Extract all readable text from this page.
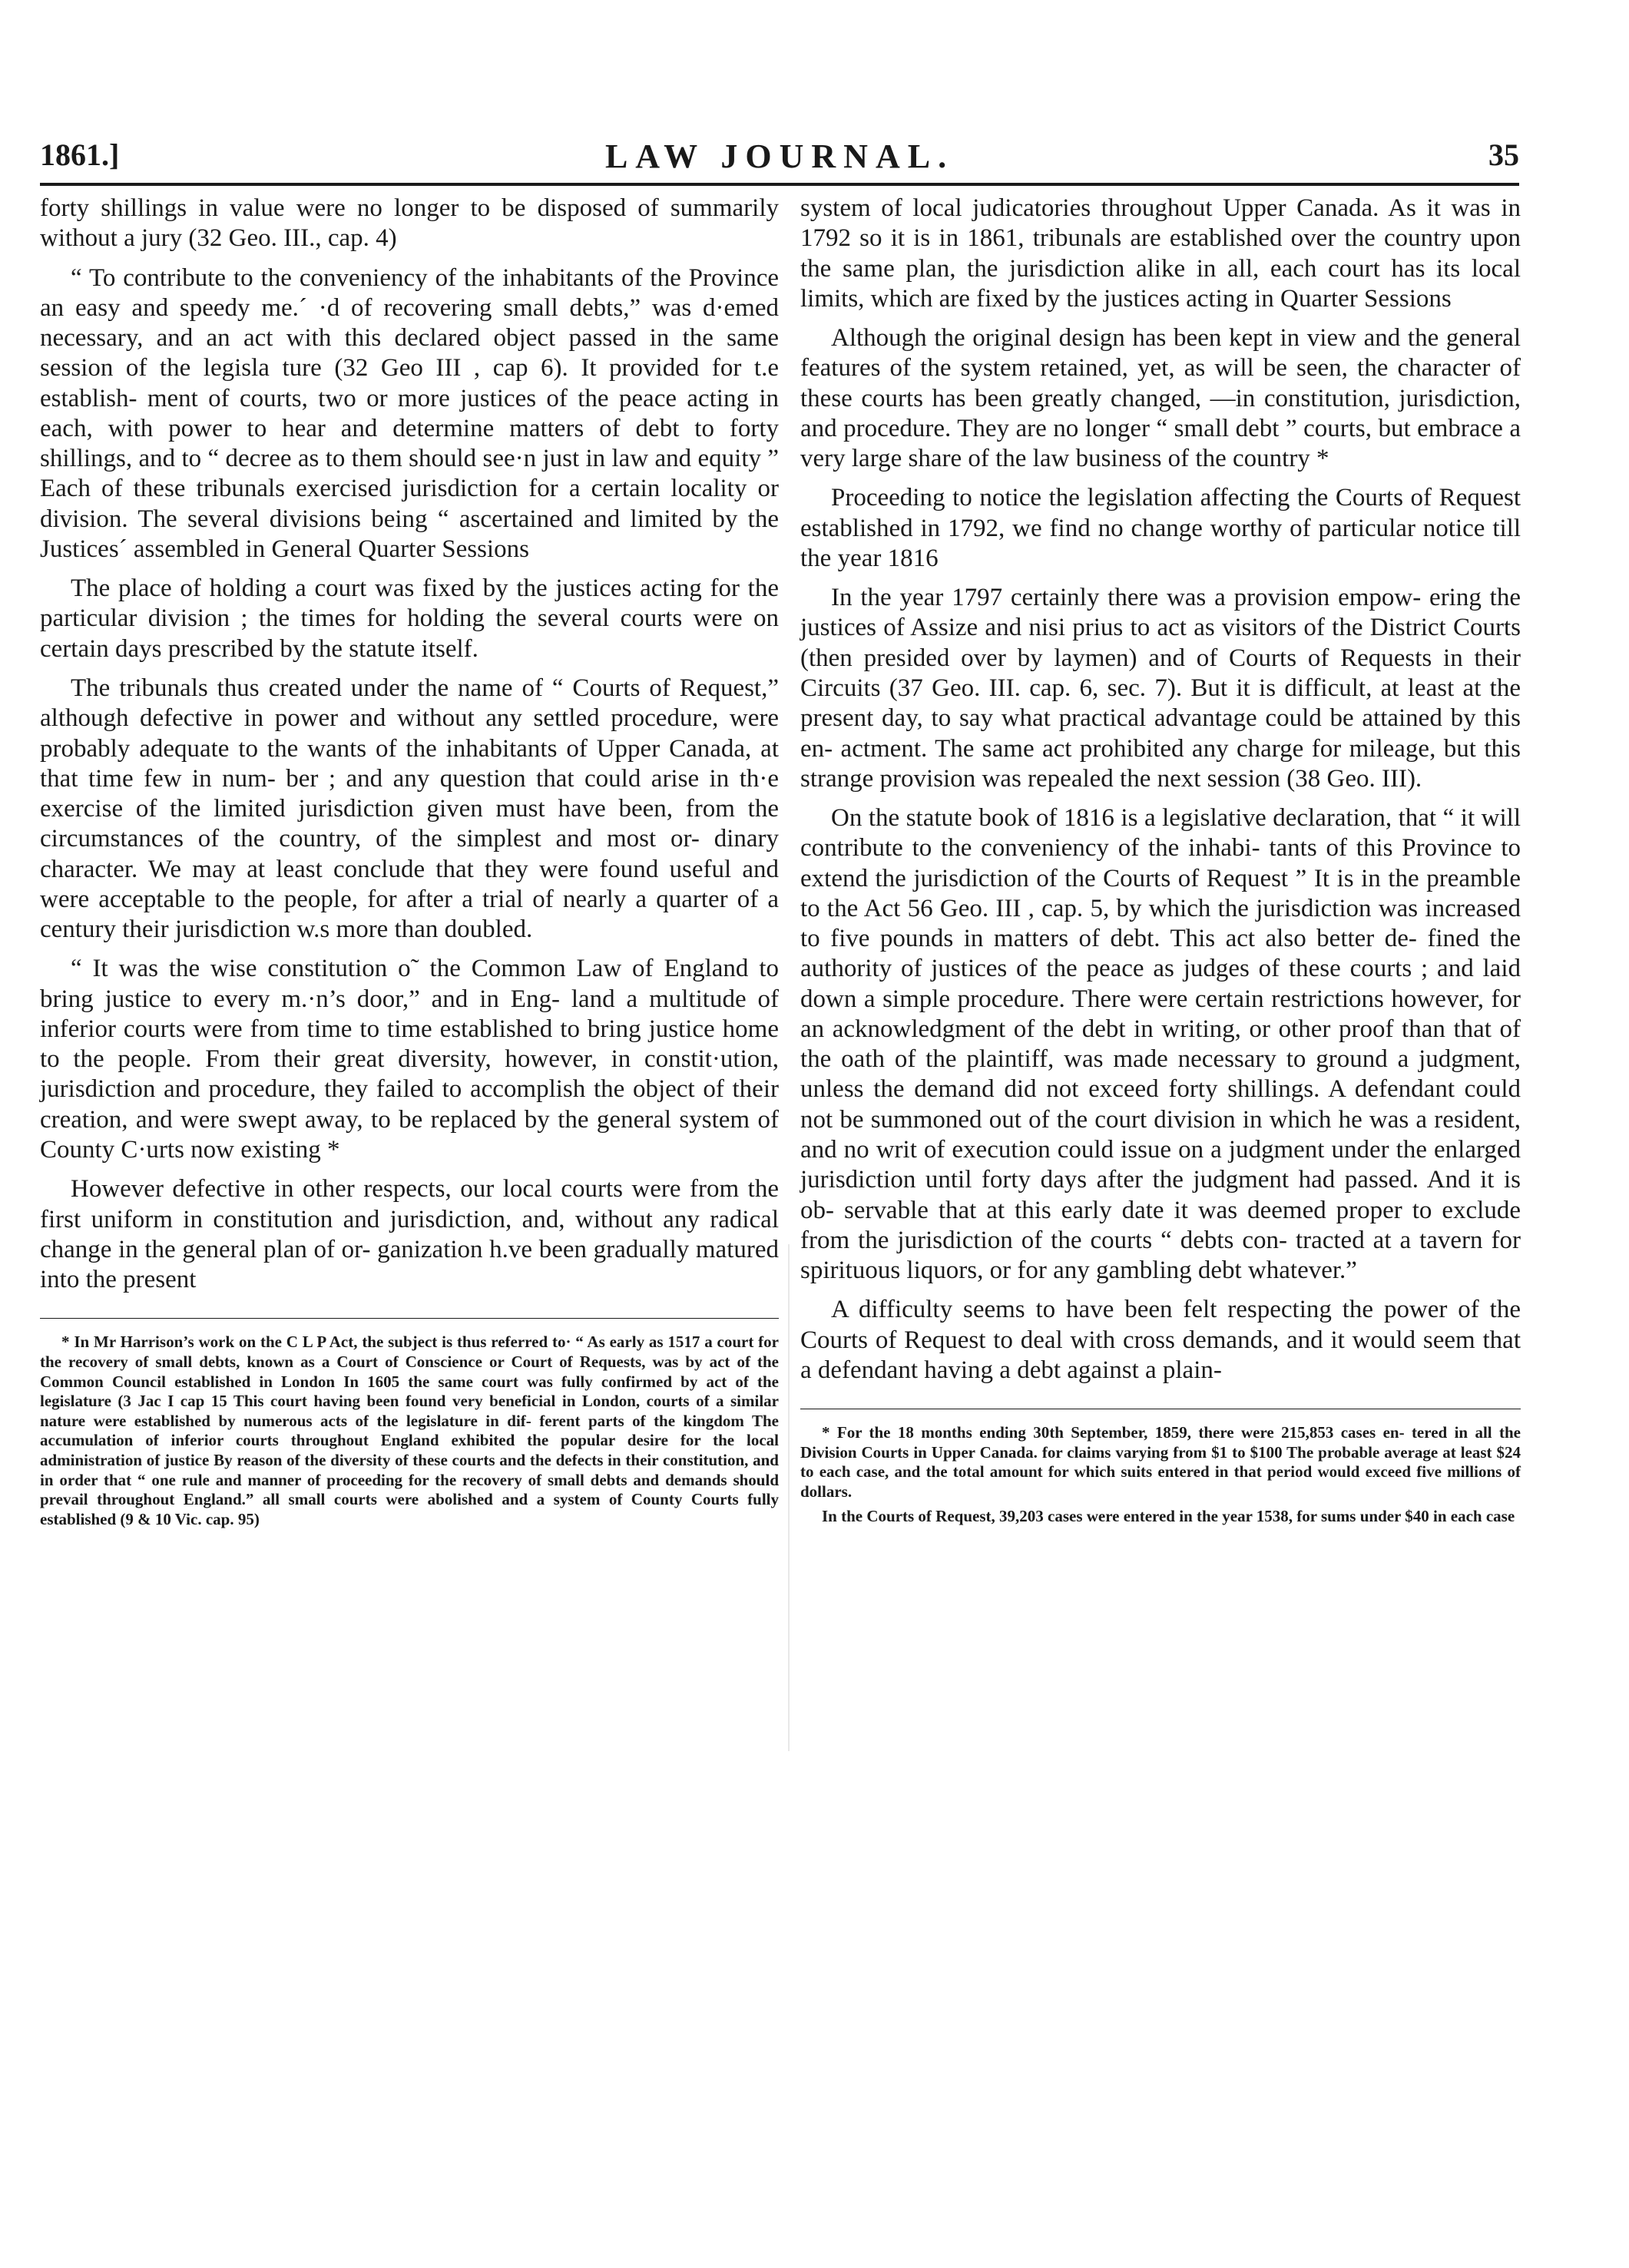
1861.]	LAW JOURNAL.	35

forty shillings in value were no longer to be disposed of summarily without a jury (32 Geo. III., cap. 4)

“ To contribute to the conveniency of the inhabitants of the Province an easy and speedy me.´ ·d of recovering small debts,” was d·emed necessary, and an act with this declared object passed in the same session of the legisla ture (32 Geo III , cap 6). It provided for t.e establish- ment of courts, two or more justices of the peace acting in each, with power to hear and determine matters of debt to forty shillings, and to “ decree as to them should see·n just in law and equity ” Each of these tribunals exercised jurisdiction for a certain locality or division. The several divisions being “ ascertained and limited by the Justices´ assembled in General Quarter Sessions

The place of holding a court was fixed by the justices acting for the particular division ; the times for holding the several courts were on certain days prescribed by the statute itself.

The tribunals thus created under the name of “ Courts of Request,” although defective in power and without any settled procedure, were probably adequate to the wants of the inhabitants of Upper Canada, at that time few in num- ber ; and any question that could arise in th·e exercise of the limited jurisdiction given must have been, from the circumstances of the country, of the simplest and most or- dinary character. We may at least conclude that they were found useful and were acceptable to the people, for after a trial of nearly a quarter of a century their jurisdiction w.s more than doubled.

“ It was the wise constitution o˜ the Common Law of England to bring justice to every m.·n’s door,” and in Eng- land a multitude of inferior courts were from time to time established to bring justice home to the people. From their great diversity, however, in constit·ution, jurisdiction and procedure, they failed to accomplish the object of their creation, and were swept away, to be replaced by the general system of County C·urts now existing *

However defective in other respects, our local courts were from the first uniform in constitution and jurisdiction, and, without any radical change in the general plan of or- ganization h.ve been gradually matured into the present

* In Mr Harrison’s work on the C L P Act, the subject is thus referred to· “ As early as 1517 a court for the recovery of small debts, known as a Court of Conscience or Court of Requests, was by act of the Common Council established in London In 1605 the same court was fully confirmed by act of the legislature (3 Jac I cap 15 This court having been found very beneficial in London, courts of a similar nature were established by numerous acts of the legislature in dif- ferent parts of the kingdom The accumulation of inferior courts throughout England exhibited the popular desire for the local administration of justice By reason of the diversity of these courts and the defects in their constitution, and in order that “ one rule and manner of proceeding for the recovery of small debts and demands should prevail throughout England.” all small courts were abolished and a system of County Courts fully established (9 & 10 Vic. cap. 95)

system of local judicatories throughout Upper Canada. As it was in 1792 so it is in 1861, tribunals are established over the country upon the same plan, the jurisdiction alike in all, each court has its local limits, which are fixed by the justices acting in Quarter Sessions

Although the original design has been kept in view and the general features of the system retained, yet, as will be seen, the character of these courts has been greatly changed, —in constitution, jurisdiction, and procedure. They are no longer “ small debt ” courts, but embrace a very large share of the law business of the country *

Proceeding to notice the legislation affecting the Courts of Request established in 1792, we find no change worthy of particular notice till the year 1816

In the year 1797 certainly there was a provision empow- ering the justices of Assize and nisi prius to act as visitors of the District Courts (then presided over by laymen) and of Courts of Requests in their Circuits (37 Geo. III. cap. 6, sec. 7). But it is difficult, at least at the present day, to say what practical advantage could be attained by this en- actment. The same act prohibited any charge for mileage, but this strange provision was repealed the next session (38 Geo. III).

On the statute book of 1816 is a legislative declaration, that “ it will contribute to the conveniency of the inhabi- tants of this Province to extend the jurisdiction of the Courts of Request ” It is in the preamble to the Act 56 Geo. III , cap. 5, by which the jurisdiction was increased to five pounds in matters of debt. This act also better de- fined the authority of justices of the peace as judges of these courts ; and laid down a simple procedure. There were certain restrictions however, for an acknowledgment of the debt in writing, or other proof than that of the oath of the plaintiff, was made necessary to ground a judgment, unless the demand did not exceed forty shillings. A defendant could not be summoned out of the court division in which he was a resident, and no writ of execution could issue on a judgment under the enlarged jurisdiction until forty days after the judgment had passed. And it is ob- servable that at this early date it was deemed proper to exclude from the jurisdiction of the courts “ debts con- tracted at a tavern for spirituous liquors, or for any gambling debt whatever.”

A difficulty seems to have been felt respecting the power of the Courts of Request to deal with cross demands, and it would seem that a defendant having a debt against a plain-

* For the 18 months ending 30th September, 1859, there were 215,853 cases en- tered in all the Division Courts in Upper Canada. for claims varying from $1 to $100 The probable average at least $24 to each case, and the total amount for which suits entered in that period would exceed five millions of dollars.

In the Courts of Request, 39,203 cases were entered in the year 1538, for sums under $40 in each case
